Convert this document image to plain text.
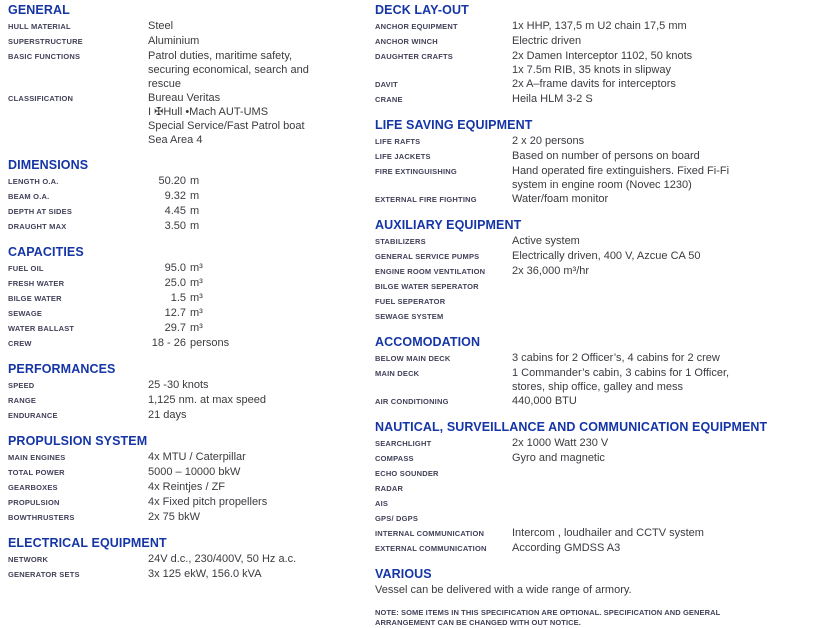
GENERAL
HULL MATERIAL	Steel
SUPERSTRUCTURE	Aluminium
BASIC FUNCTIONS	Patrol duties, maritime safety,
securing economical, search and
rescue
CLASSIFICATION	Bureau Veritas
I ✠Hull •Mach AUT-UMS
Special Service/Fast Patrol boat
Sea Area 4
DIMENSIONS
LENGTH O.A.	50.20 m
BEAM O.A.	9.32 m
DEPTH AT SIDES	4.45 m
DRAUGHT MAX	3.50 m
CAPACITIES
FUEL OIL	95.0 m³
FRESH WATER	25.0 m³
BILGE WATER	1.5 m³
SEWAGE	12.7 m³
WATER BALLAST	29.7 m³
CREW	18 - 26 persons
PERFORMANCES
SPEED	25 -30 knots
RANGE	1,125 nm. at max speed
ENDURANCE	21 days
PROPULSION SYSTEM
MAIN ENGINES	4x MTU / Caterpillar
TOTAL POWER	5000 – 10000 bkW
GEARBOXES	4x Reintjes / ZF
PROPULSION	4x Fixed pitch propellers
BOWTHRUSTERS	2x 75 bkW
ELECTRICAL EQUIPMENT
NETWORK	24V d.c., 230/400V, 50 Hz a.c.
GENERATOR SETS	3x 125 ekW, 156.0 kVA
DECK LAY-OUT
ANCHOR EQUIPMENT	1x HHP, 137,5 m U2 chain 17,5 mm
ANCHOR WINCH	Electric driven
DAUGHTER CRAFTS	2x Damen Interceptor 1102, 50 knots
1x 7.5m RIB, 35 knots in slipway
DAVIT	2x A–frame davits for interceptors
CRANE	Heila HLM 3-2 S
LIFE SAVING EQUIPMENT
LIFE RAFTS	2 x 20 persons
LIFE JACKETS	Based on number of persons on board
FIRE EXTINGUISHING	Hand operated fire extinguishers. Fixed Fi-Fi
system in engine room (Novec 1230)
EXTERNAL FIRE FIGHTING	Water/foam monitor
AUXILIARY EQUIPMENT
STABILIZERS	Active system
GENERAL SERVICE PUMPS	Electrically driven, 400 V, Azcue CA 50
ENGINE ROOM VENTILATION	2x 36,000 m³/hr
BILGE WATER SEPERATOR
FUEL SEPERATOR
SEWAGE SYSTEM
ACCOMODATION
BELOW MAIN DECK	3 cabins for 2 Officer’s, 4 cabins for 2 crew
MAIN DECK	1 Commander’s cabin, 3 cabins for 1 Officer,
stores, ship office, galley and mess
AIR CONDITIONING	440,000 BTU
NAUTICAL, SURVEILLANCE AND COMMUNICATION EQUIPMENT
SEARCHLIGHT	2x 1000 Watt 230 V
COMPASS	Gyro and magnetic
ECHO SOUNDER
RADAR
AIS
GPS/ DGPS
INTERNAL COMMUNICATION	Intercom , loudhailer and CCTV system
EXTERNAL COMMUNICATION	According GMDSS A3
VARIOUS
Vessel can be delivered with a wide range of armory.
NOTE: SOME ITEMS IN THIS SPECIFICATION ARE OPTIONAL. SPECIFICATION AND GENERAL
ARRANGEMENT CAN BE CHANGED WITH OUT NOTICE.
